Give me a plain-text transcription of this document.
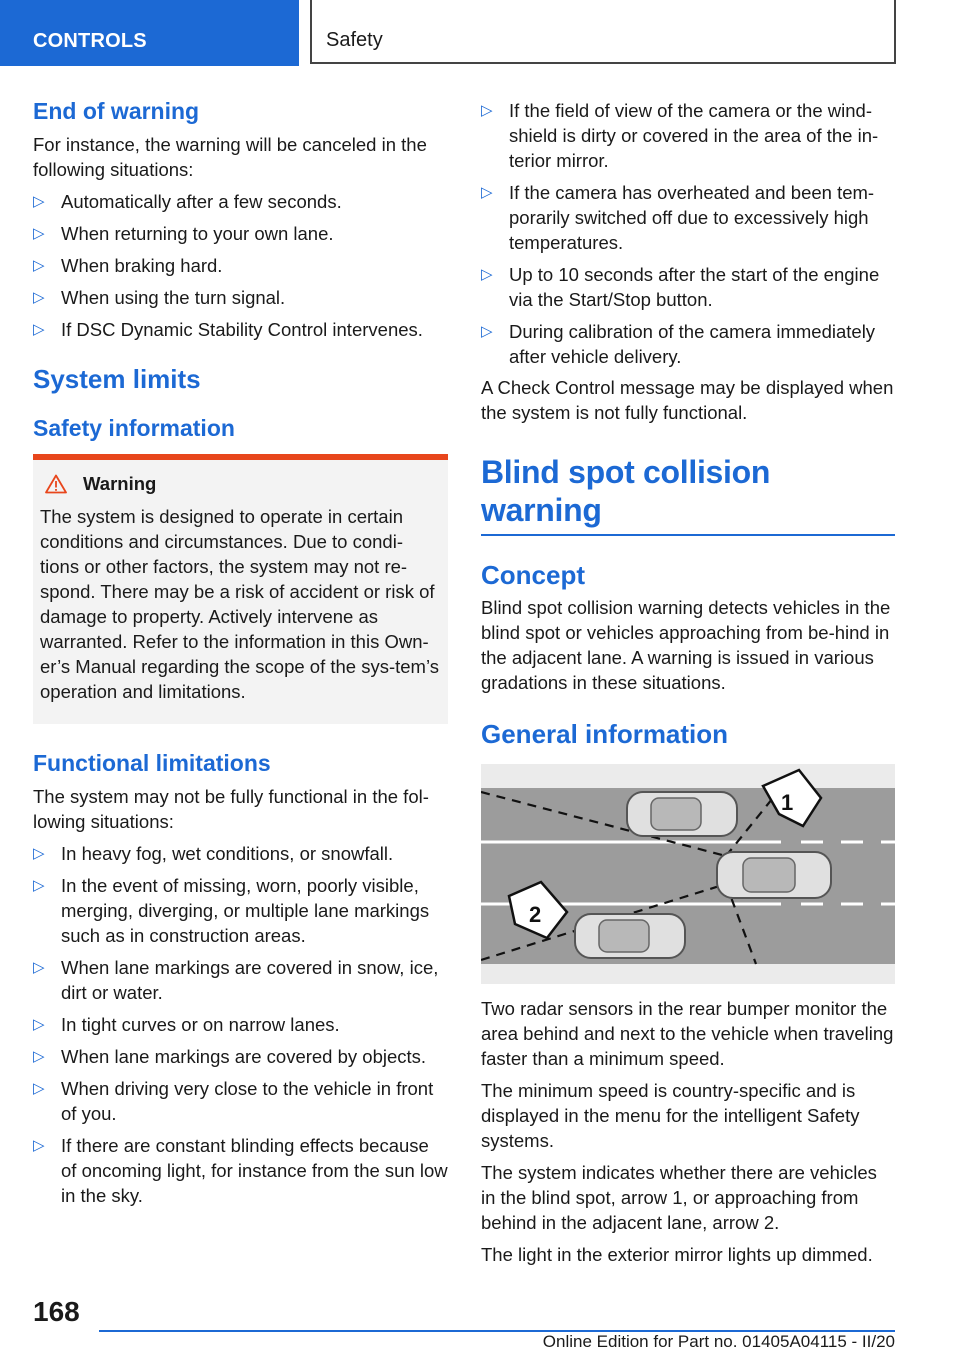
CONTROLS	Safety
End of warning

For instance, the warning will be canceled in the following situations:

▷ Automatically after a few seconds.
▷ When returning to your own lane.
▷ When braking hard.
▷ When using the turn signal.
▷ If DSC Dynamic Stability Control intervenes.
System limits
Safety information
Warning

The system is designed to operate in certain conditions and circumstances. Due to condi-tions or other factors, the system may not re-spond. There may be a risk of accident or risk of damage to property. Actively intervene as warranted. Refer to the information in this Own-er’s Manual regarding the scope of the sys-tem’s operation and limitations.

Functional limitations

The system may not be fully functional in the fol-lowing situations:

▷ In heavy fog, wet conditions, or snowfall.
▷ In the event of missing, worn, poorly visible, merging, diverging, or multiple lane markings such as in construction areas.
▷ When lane markings are covered in snow, ice, dirt or water.
▷ In tight curves or on narrow lanes.
▷ When lane markings are covered by objects.
▷ When driving very close to the vehicle in front of you.
▷ If there are constant blinding effects because of oncoming light, for instance from the sun low in the sky.
▷ If the field of view of the camera or the wind-shield is dirty or covered in the area of the in-terior mirror.
▷ If the camera has overheated and been tem-porarily switched off due to excessively high temperatures.
▷ Up to 10 seconds after the start of the engine via the Start/Stop button.
▷ During calibration of the camera immediately after vehicle delivery.

A Check Control message may be displayed when the system is not fully functional.

Blind spot collision warning
Concept

Blind spot collision warning detects vehicles in the blind spot or vehicles approaching from be-hind in the adjacent lane. A warning is issued in various gradations in these situations.

General information
1
2

Two radar sensors in the rear bumper monitor the area behind and next to the vehicle when traveling faster than a minimum speed.

The minimum speed is country-specific and is displayed in the menu for the intelligent Safety systems.

The system indicates whether there are vehicles in the blind spot, arrow 1, or approaching from behind in the adjacent lane, arrow 2.

The light in the exterior mirror lights up dimmed.

168
Online Edition for Part no. 01405A04115 - II/20
